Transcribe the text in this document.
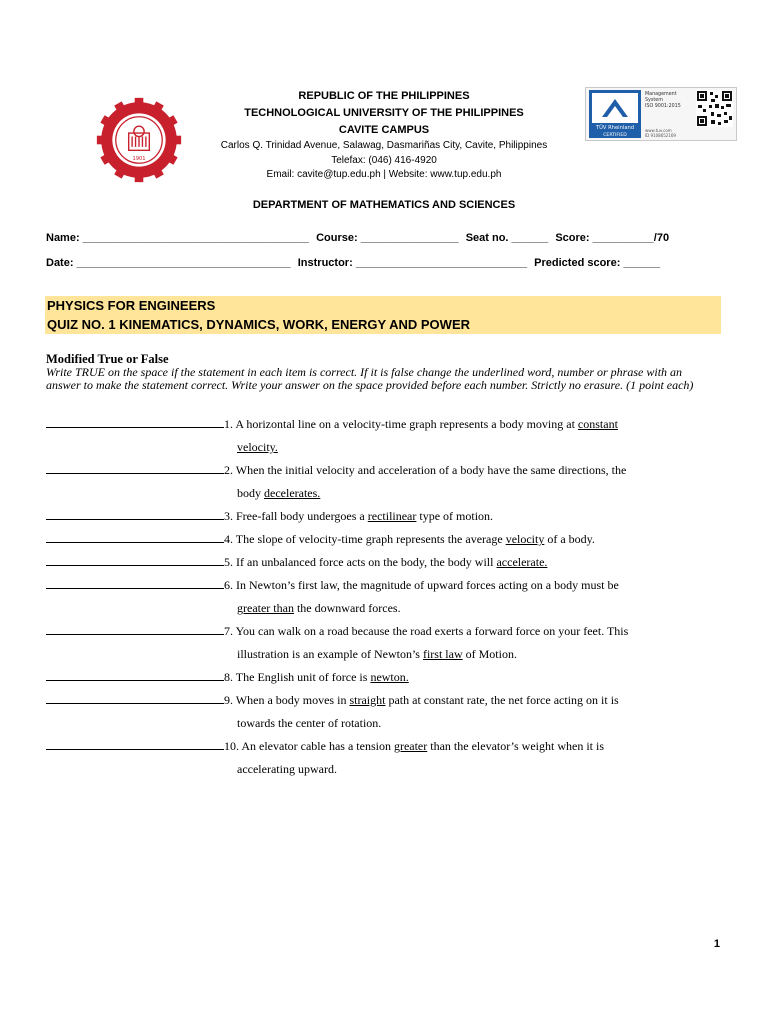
1901
TÜV Rheinland
CERTIFIED
Management
System
ISO 9001:2015
www.tuv.com
ID 9108652169
REPUBLIC OF THE PHILIPPINES
TECHNOLOGICAL UNIVERSITY OF THE PHILIPPINES
CAVITE CAMPUS
Carlos Q. Trinidad Avenue, Salawag, Dasmariñas City, Cavite, Philippines
Telefax: (046) 416-4920
Email: cavite@tup.edu.ph | Website: www.tup.edu.ph
DEPARTMENT OF MATHEMATICS AND SCIENCES
Name: _____________________________________ Course: ________________ Seat no. ______ Score: __________/70
Date: ___________________________________ Instructor: ____________________________ Predicted score: ______
PHYSICS FOR ENGINEERS
QUIZ NO. 1 KINEMATICS, DYNAMICS, WORK, ENERGY AND POWER
Modified True or False
Write TRUE on the space if the statement in each item is correct. If it is false change the underlined word, number or phrase with an answer to make the statement correct. Write your answer on the space provided before each number. Strictly no erasure. (1 point each)
1. A horizontal line on a velocity-time graph represents a body moving at constant
velocity.
2. When the initial velocity and acceleration of a body have the same directions, the
body decelerates.
3. Free-fall body undergoes a rectilinear type of motion.
4. The slope of velocity-time graph represents the average velocity of a body.
5. If an unbalanced force acts on the body, the body will accelerate.
6. In Newton’s first law, the magnitude of upward forces acting on a body must be
greater than the downward forces.
7. You can walk on a road because the road exerts a forward force on your feet. This
illustration is an example of Newton’s first law of Motion.
8. The English unit of force is newton.
9. When a body moves in straight path at constant rate, the net force acting on it is
towards the center of rotation.
10. An elevator cable has a tension greater than the elevator’s weight when it is
accelerating upward.
1
